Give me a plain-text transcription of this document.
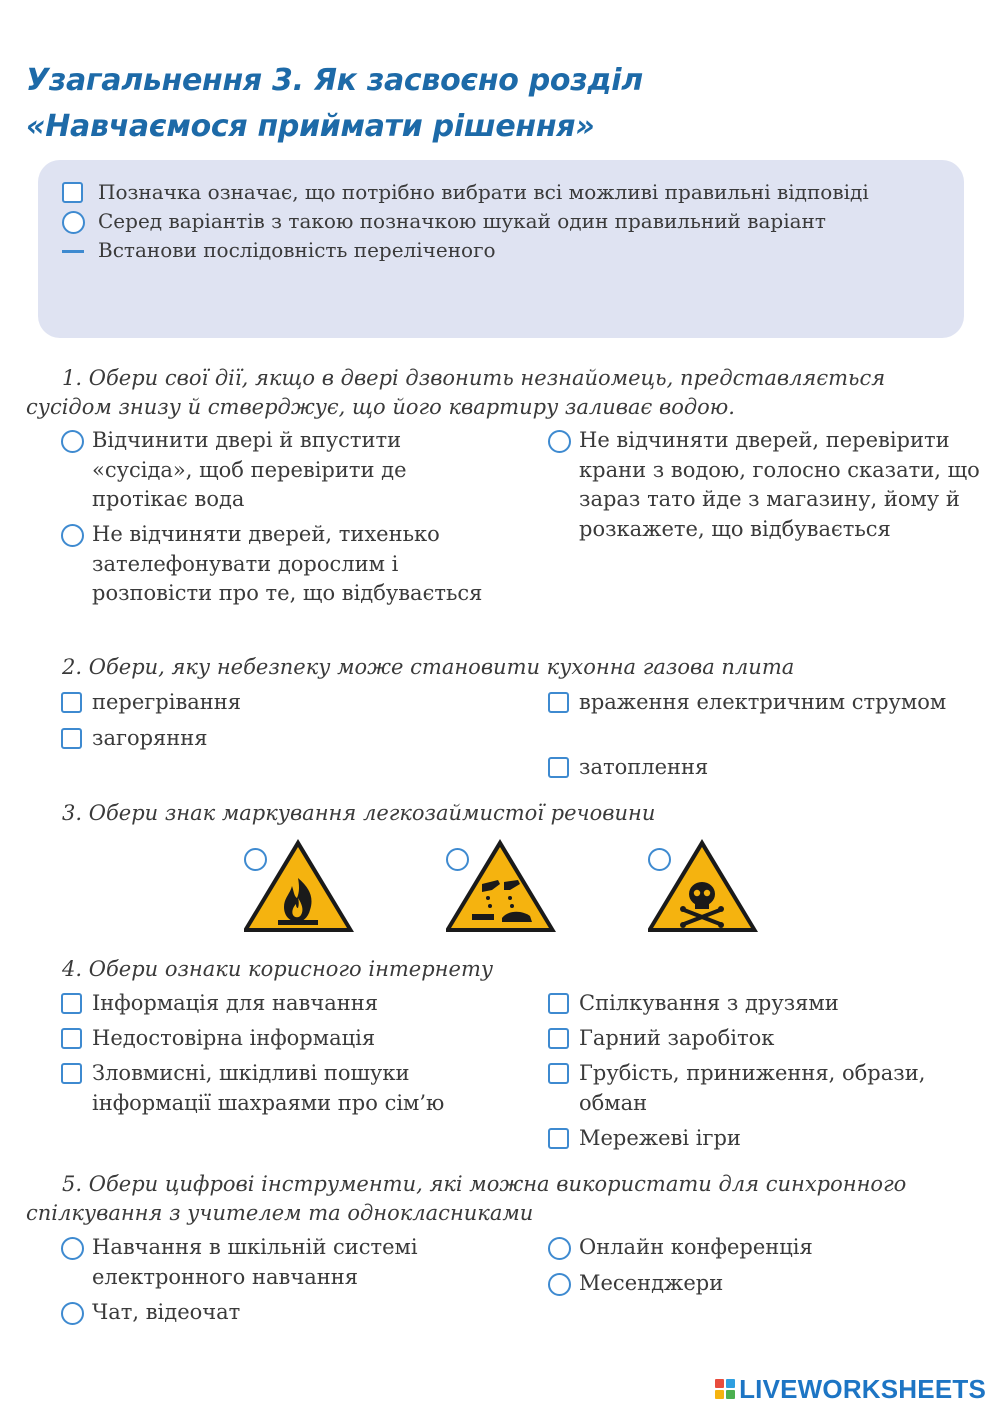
Узагальнення 3. Як засвоєно розділ
«Навчаємося приймати рішення»
Позначка означає, що потрібно вибрати всі можливі правильні відповіді
Серед варіантів з такою позначкою шукай один правильний варіант
Встанови послідовність переліченого

1. Обери свої дії, якщо в двері дзвонить незнайомець, представляється сусідом знизу й стверджує, що його квартиру заливає водою.

Відчинити двері й впустити «сусіда», щоб перевірити де протікає вода
Не відчиняти дверей, тихенько зателефонувати дорослим і розповісти про те, що відбувається
Не відчиняти дверей, перевірити крани з водою, голосно сказати, що зараз тато йде з магазину, йому й розкажете, що відбувається

2. Обери, яку небезпеку може становити кухонна газова плита

перегрівання
загоряння
враження електричним струмом
затоплення

3. Обери знак маркування легкозаймистої речовини

4. Обери ознаки корисного інтернету

Інформація для навчання
Недостовірна інформація
Зловмисні, шкідливі пошуки інформації шахраями про сім’ю
Спілкування з друзями
Гарний заробіток
Грубість, приниження, образи, обман
Мережеві ігри

5. Обери цифрові інструменти, які можна використати для синхронного спілкування з учителем та однокласниками

Навчання в шкільній системі електронного навчання
Чат, відеочат
Онлайн конференція
Месенджери
LIVEWORKSHEETS
